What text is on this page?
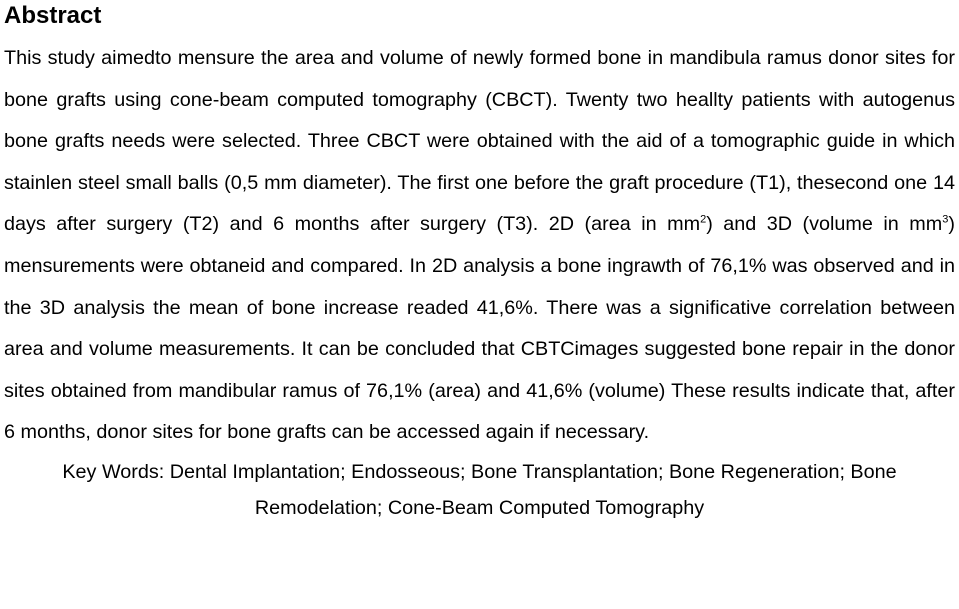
Abstract

This study aimedto mensure the area and volume of newly formed bone in mandibula ramus donor sites for bone grafts using cone-beam computed tomography (CBCT). Twenty two heallty patients with autogenus bone grafts needs were selected. Three CBCT were obtained with the aid of a tomographic guide in which stainlen steel small balls (0,5 mm diameter). The first one before the graft procedure (T1), thesecond one 14 days after surgery (T2) and 6 months after surgery (T3). 2D (area in $mm^2$) and 3D (volume in $mm^3$) mensurements were obtaneid and compared. In 2D analysis a bone ingrawth of 76,1% was observed and in the 3D analysis the mean of bone increase readed 41,6%. There was a significative correlation between area and volume measurements. It can be concluded that CBTCimages suggested bone repair in the donor sites obtained from mandibular ramus of 76,1% (area) and 41,6% (volume) These results indicate that, after 6 months, donor sites for bone grafts can be accessed again if necessary.

Key Words: Dental Implantation; Endosseous; Bone Transplantation; Bone Regeneration; Bone Remodelation; Cone-Beam Computed Tomography
